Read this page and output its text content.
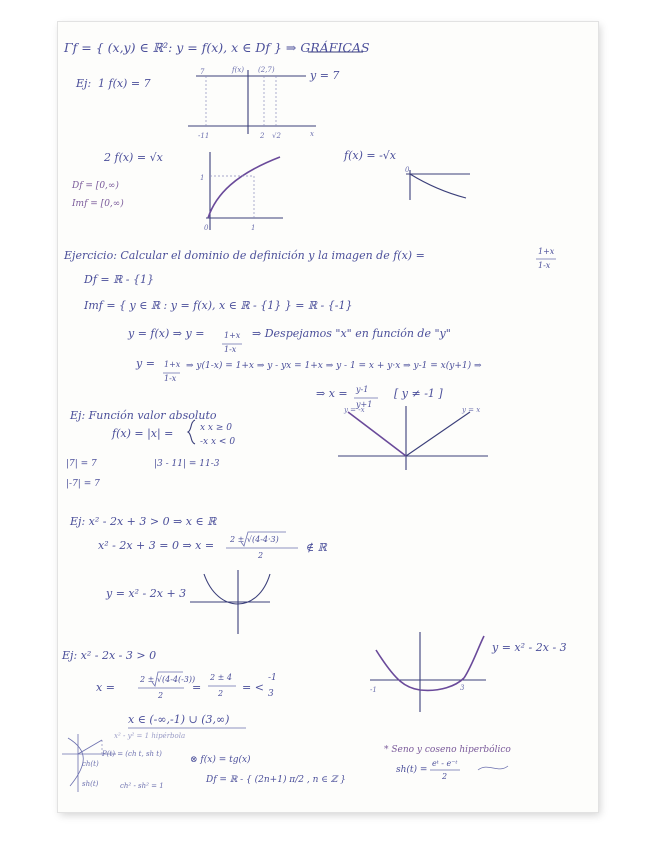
Γf = { (x,y) ∈ ℝ²: y = f(x), x ∈ Df } ⇒ GRÁFICAS
Ej: 1 f(x) = 7
7	f(x) (2,7)	y = 7
-11	2 √2	x
2 f(x) = √x
Df = [0,∞)
Imf = [0,∞)
1
1
0
f(x) = -√x
0
Ejercicio: Calcular el dominio de definición y la imagen de f(x) =	1+x
1-x
Df = ℝ - {1}
Imf = { y ∈ ℝ : y = f(x), x ∈ ℝ - {1} } = ℝ - {-1}
y = f(x) ⇒ y = 1+x
1-x
⇒ Despejamos "x" en función de "y"
y = 1+x
1-x
⇒ y(1-x) = 1+x ⇒ y - yx = 1+x ⇒ y - 1 = x + y·x ⇒ y-1 = x(y+1) ⇒
⇒ x = y-1
y+1
[ y ≠ -1 ]
Ej: Función valor absoluto
f(x) = |x| =	x x ≥ 0
-x x < 0
|7| = 7	|3 - 11| = 11-3
|-7| = 7
y = -x	y = x
Ej: x² - 2x + 3 > 0 ⇒ x ∈ ℝ
x² - 2x + 3 = 0 ⇒ x = 2 ± √(4-4·3)
2
∉ ℝ
y = x² - 2x + 3
Ej: x² - 2x - 3 > 0
x =
2 ± √(4-4(-3))
2
=
2 ± 4
2 = <
-1
3
x ∈ (-∞,-1) ∪ (3,∞)
y = x² - 2x - 3
-1	3
x² - y² = 1 hipérbola
P(t) = (ch t, sh t)
ch(t)
sh(t)	ch² - sh² = 1
⊗ f(x) = tg(x)
Df = ℝ - { (2n+1) π/2 , n ∈ ℤ }
* Seno y coseno hiperbólico
sh(t) =
eᵗ - e⁻ᵗ
2
